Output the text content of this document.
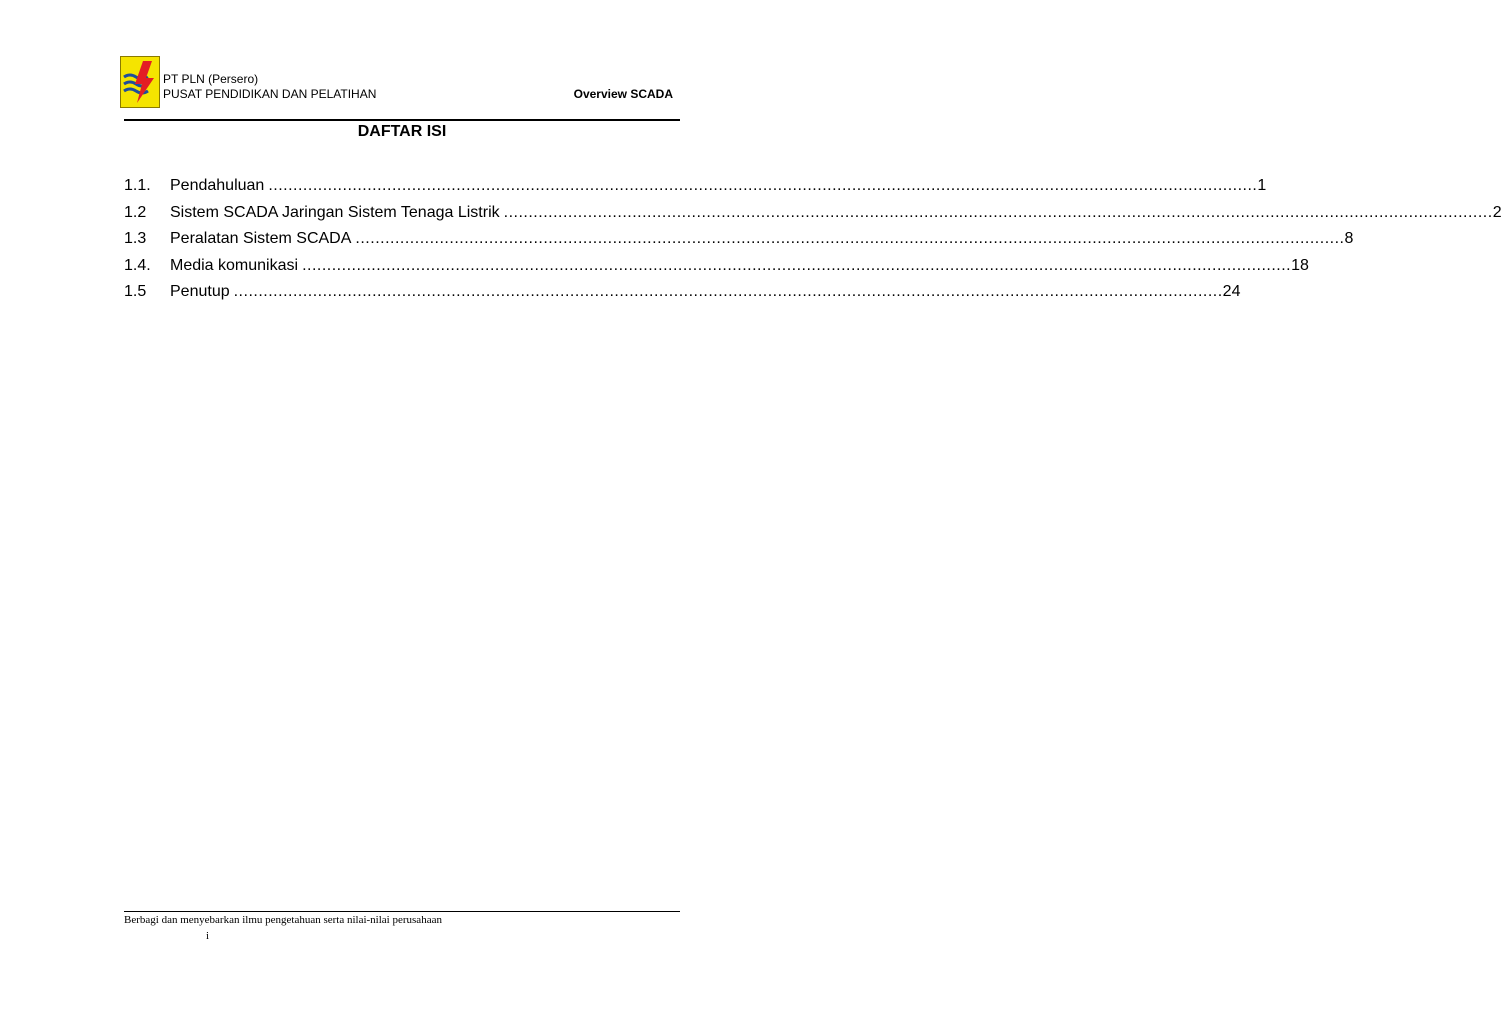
PT PLN (Persero)
PUSAT PENDIDIKAN DAN PELATIHAN	Overview SCADA
DAFTAR ISI
1.1. Pendahuluan ........................................................................................................................................................................................................ 1
1.2 Sistem SCADA Jaringan Sistem Tenaga Listrik ........................................................................................................................................................................................................ 2
1.3 Peralatan Sistem SCADA ........................................................................................................................................................................................................ 8
1.4. Media komunikasi ........................................................................................................................................................................................................ 18
1.5 Penutup ........................................................................................................................................................................................................ 24
Berbagi dan menyebarkan ilmu pengetahuan serta nilai-nilai perusahaan
i
